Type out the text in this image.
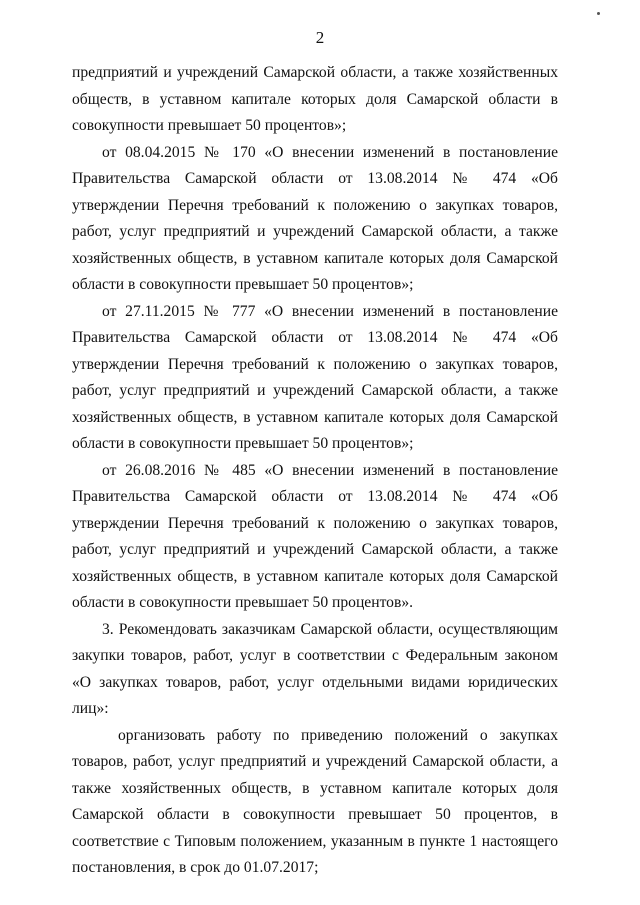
2

предприятий и учреждений Самарской области, а также хозяйственных обществ, в уставном капитале которых доля Самарской области в совокупности превышает 50 процентов»;

от 08.04.2015 № 170 «О внесении изменений в постановление Правительства Самарской области от 13.08.2014 № 474 «Об утверждении Перечня требований к положению о закупках товаров, работ, услуг предприятий и учреждений Самарской области, а также хозяйственных обществ, в уставном капитале которых доля Самарской области в совокупности превышает 50 процентов»;

от 27.11.2015 № 777 «О внесении изменений в постановление Правительства Самарской области от 13.08.2014 № 474 «Об утверждении Перечня требований к положению о закупках товаров, работ, услуг предприятий и учреждений Самарской области, а также хозяйственных обществ, в уставном капитале которых доля Самарской области в совокупности превышает 50 процентов»;

от 26.08.2016 № 485 «О внесении изменений в постановление Правительства Самарской области от 13.08.2014 № 474 «Об утверждении Перечня требований к положению о закупках товаров, работ, услуг предприятий и учреждений Самарской области, а также хозяйственных обществ, в уставном капитале которых доля Самарской области в совокупности превышает 50 процентов».

3. Рекомендовать заказчикам Самарской области, осуществляющим закупки товаров, работ, услуг в соответствии с Федеральным законом «О закупках товаров, работ, услуг отдельными видами юридических лиц»:

организовать работу по приведению положений о закупках товаров, работ, услуг предприятий и учреждений Самарской области, а также хозяйственных обществ, в уставном капитале которых доля Самарской области в совокупности превышает 50 процентов, в соответствие с Типовым положением, указанным в пункте 1 настоящего постановления, в срок до 01.07.2017;
